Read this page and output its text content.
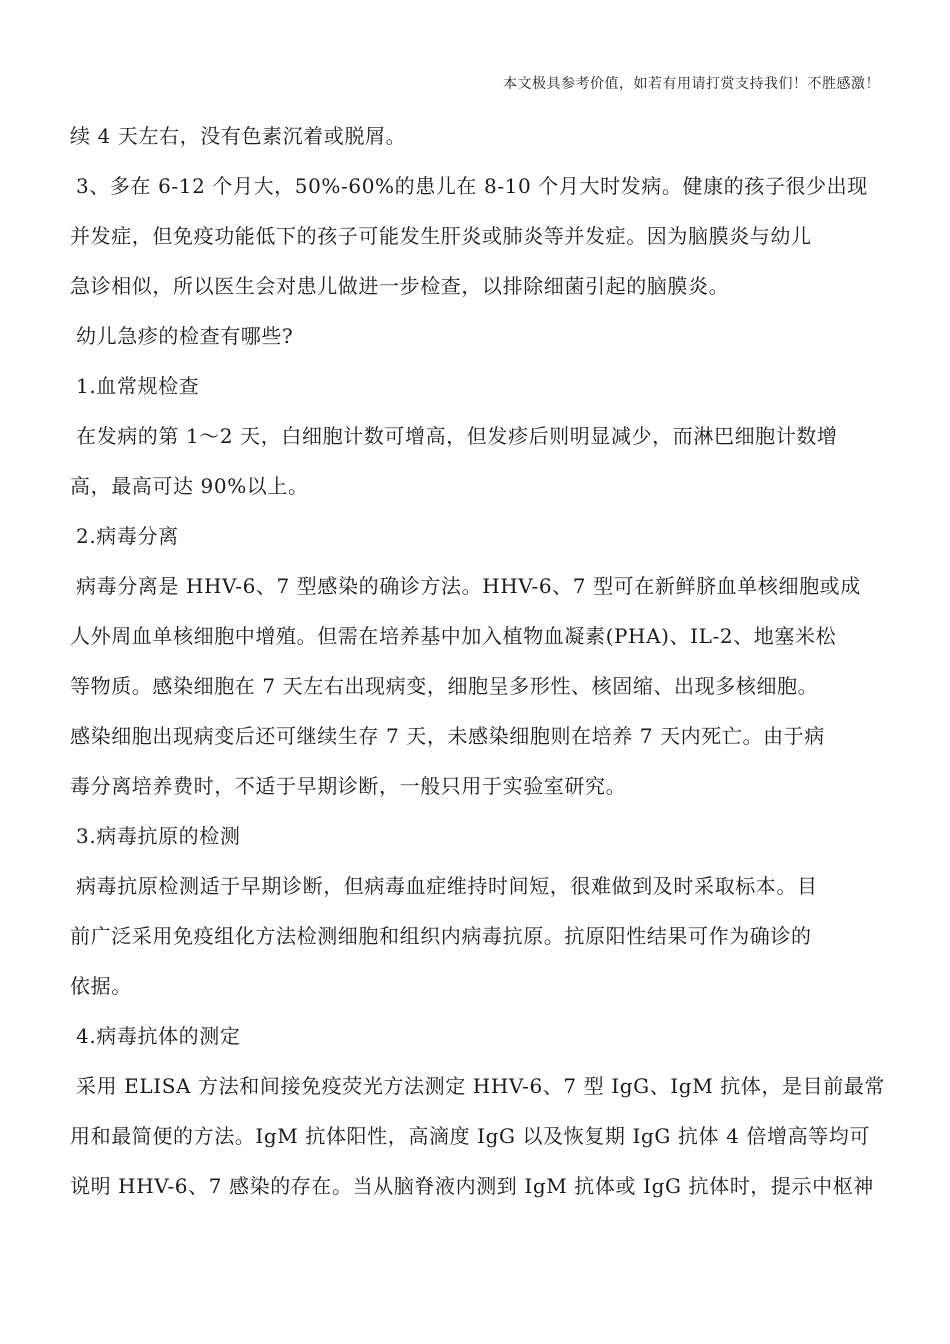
本文极具参考价值，如若有用请打赏支持我们！不胜感激！
续 4 天左右，没有色素沉着或脱屑。
3、多在 6-12 个月大，50%-60%的患儿在 8-10 个月大时发病。健康的孩子很少出现
并发症，但免疫功能低下的孩子可能发生肝炎或肺炎等并发症。因为脑膜炎与幼儿
急诊相似，所以医生会对患儿做进一步检查，以排除细菌引起的脑膜炎。
幼儿急疹的检查有哪些?
1.血常规检查
在发病的第 1～2 天，白细胞计数可增高，但发疹后则明显减少，而淋巴细胞计数增
高，最高可达 90%以上。
2.病毒分离
病毒分离是 HHV-6、7 型感染的确诊方法。HHV-6、7 型可在新鲜脐血单核细胞或成
人外周血单核细胞中增殖。但需在培养基中加入植物血凝素(PHA)、IL-2、地塞米松
等物质。感染细胞在 7 天左右出现病变，细胞呈多形性、核固缩、出现多核细胞。
感染细胞出现病变后还可继续生存 7 天，未感染细胞则在培养 7 天内死亡。由于病
毒分离培养费时，不适于早期诊断，一般只用于实验室研究。
3.病毒抗原的检测
病毒抗原检测适于早期诊断，但病毒血症维持时间短，很难做到及时采取标本。目
前广泛采用免疫组化方法检测细胞和组织内病毒抗原。抗原阳性结果可作为确诊的
依据。
4.病毒抗体的测定
采用 ELISA 方法和间接免疫荧光方法测定 HHV-6、7 型 IgG、IgM 抗体，是目前最常
用和最简便的方法。IgM 抗体阳性，高滴度 IgG 以及恢复期 IgG 抗体 4 倍增高等均可
说明 HHV-6、7 感染的存在。当从脑脊液内测到 IgM 抗体或 IgG 抗体时，提示中枢神
